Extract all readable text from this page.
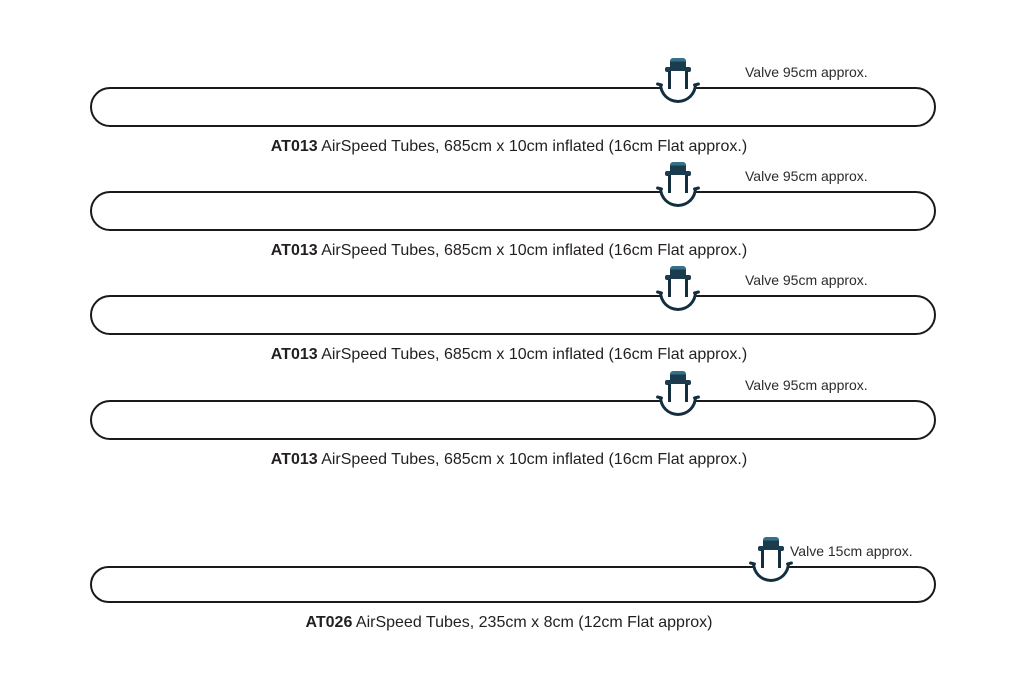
Valve 95cm approx.
AT013 AirSpeed Tubes, 685cm x 10cm inflated (16cm Flat approx.)
Valve 95cm approx.
AT013 AirSpeed Tubes, 685cm x 10cm inflated (16cm Flat approx.)
Valve 95cm approx.
AT013 AirSpeed Tubes, 685cm x 10cm inflated (16cm Flat approx.)
Valve 95cm approx.
AT013 AirSpeed Tubes, 685cm x 10cm inflated (16cm Flat approx.)
Valve 15cm approx.
AT026 AirSpeed Tubes, 235cm x 8cm (12cm Flat approx)
